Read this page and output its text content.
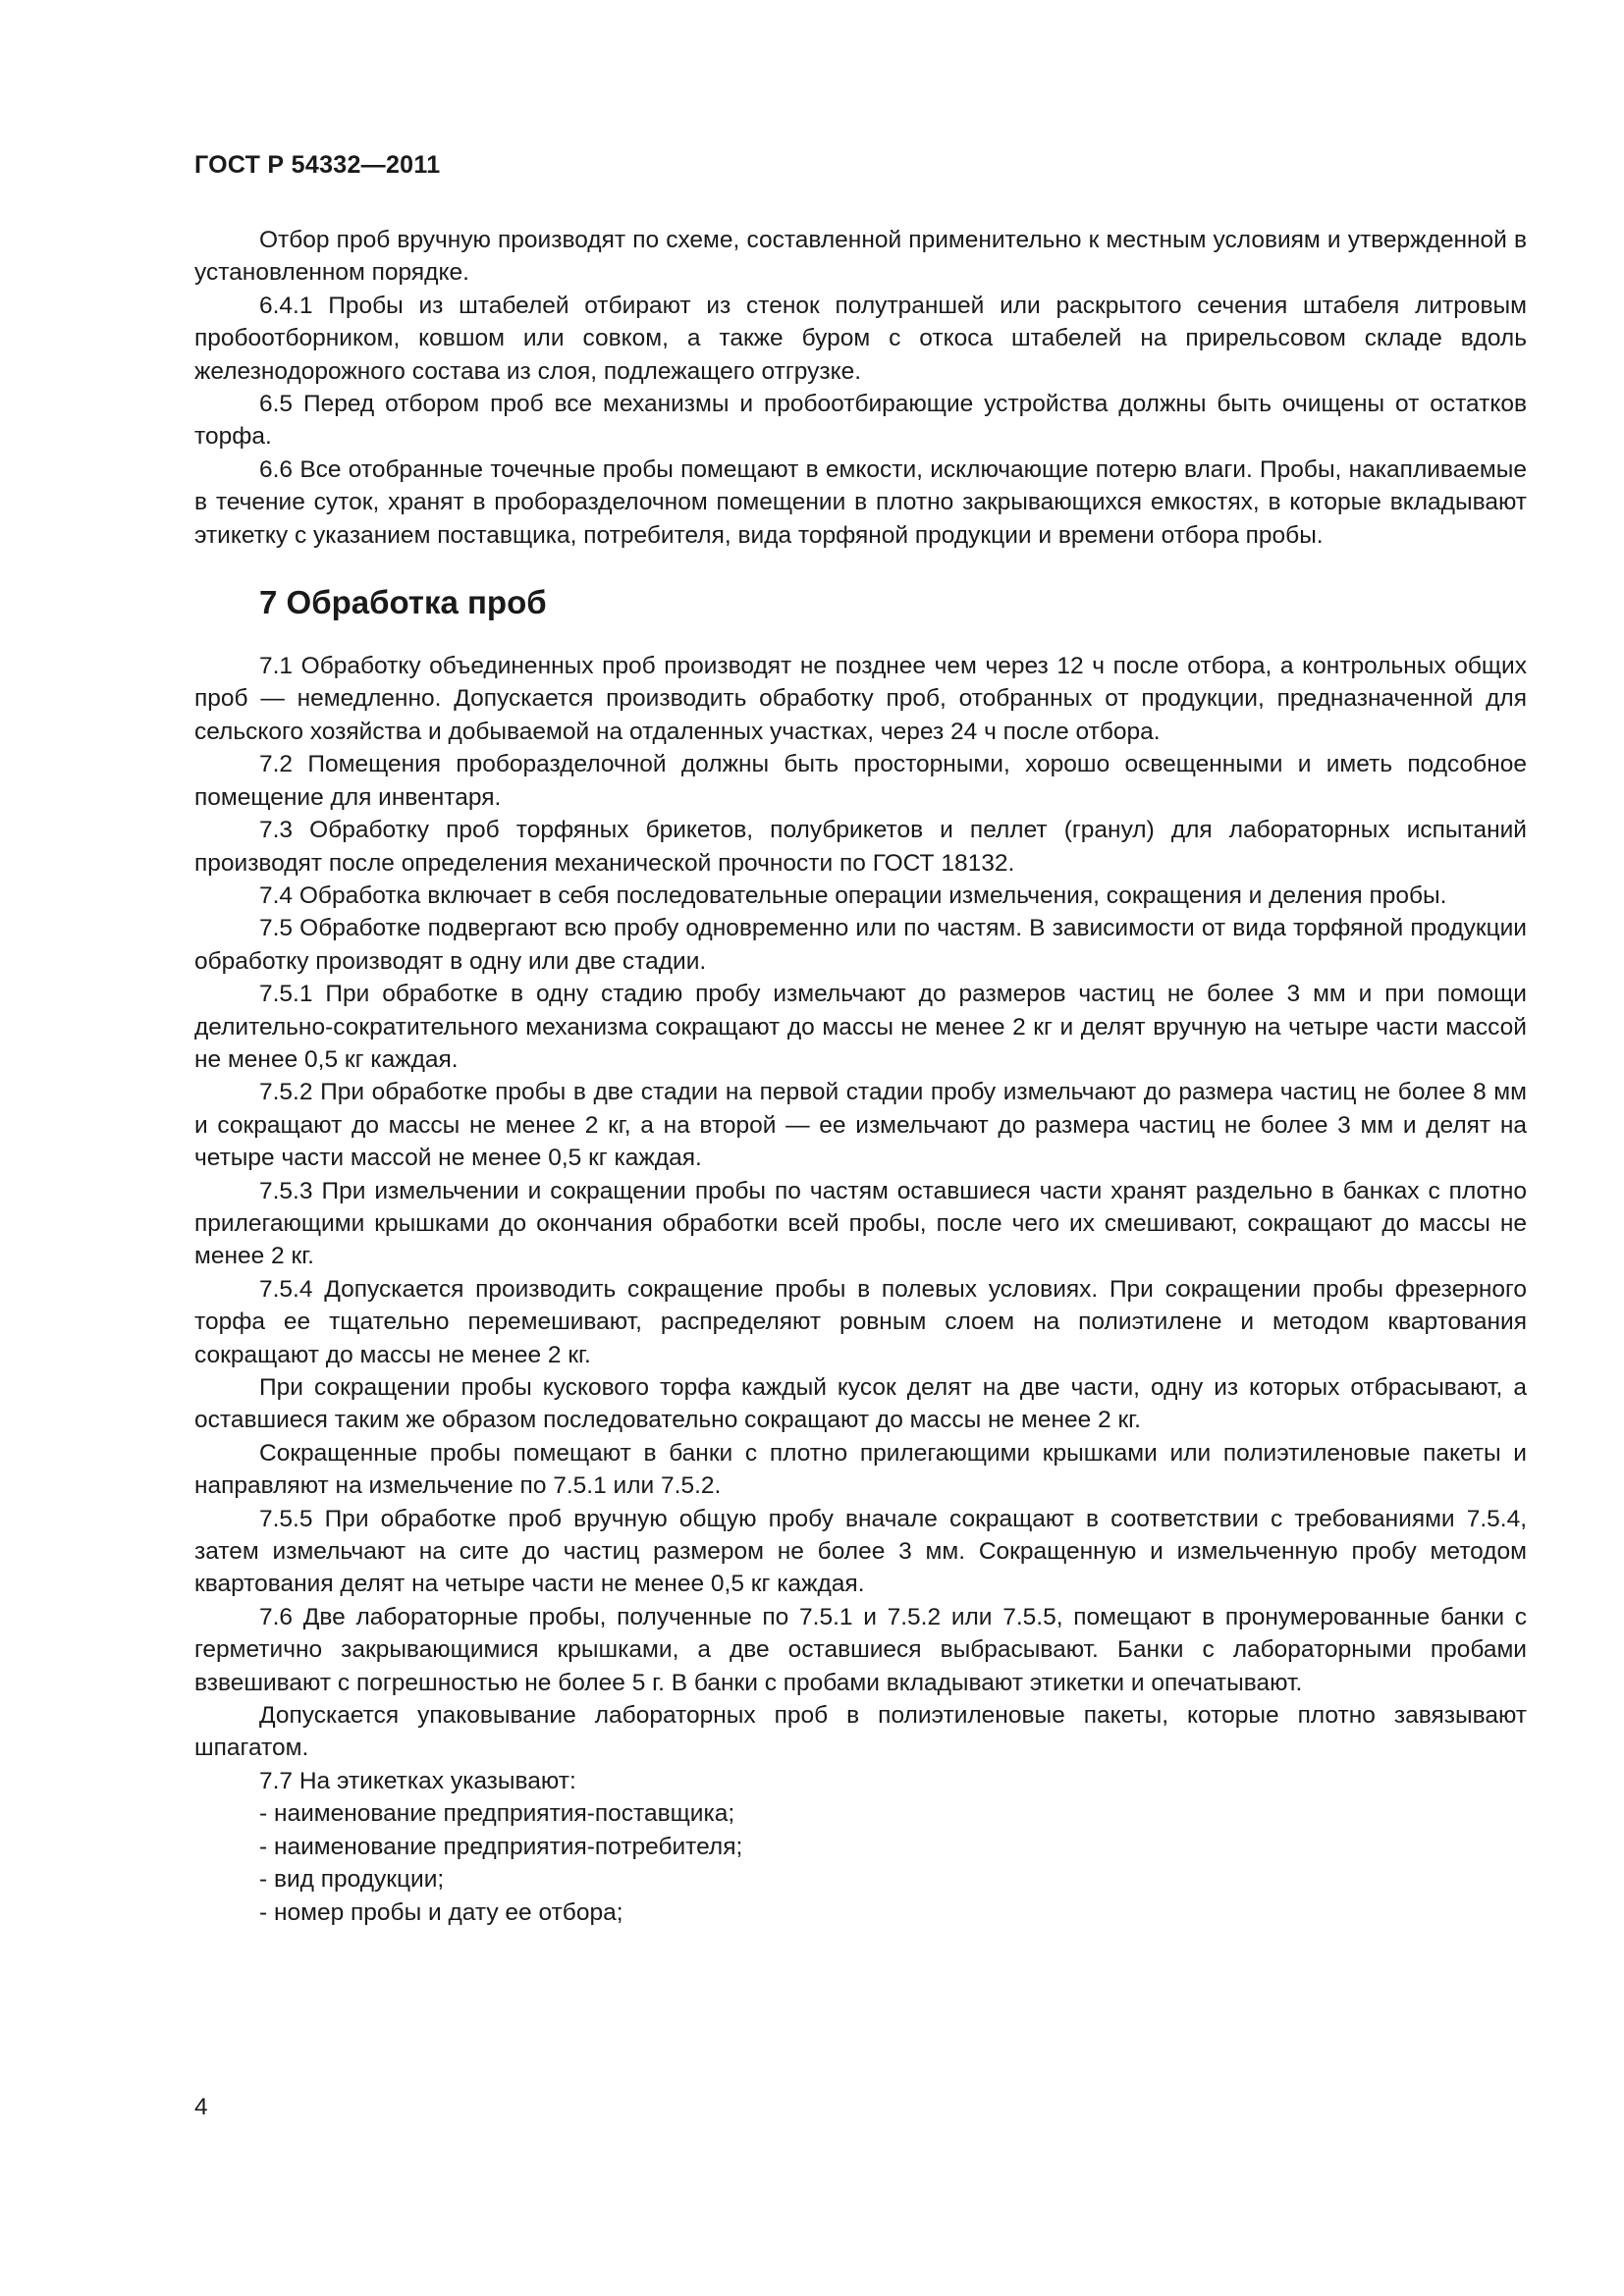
ГОСТ Р 54332—2011

Отбор проб вручную производят по схеме, составленной применительно к местным условиям и утвержденной в установленном порядке.

6.4.1 Пробы из штабелей отбирают из стенок полутраншей или раскрытого сечения штабеля литровым пробоотборником, ковшом или совком, а также буром с откоса штабелей на прирельсовом складе вдоль железнодорожного состава из слоя, подлежащего отгрузке.

6.5 Перед отбором проб все механизмы и пробоотбирающие устройства должны быть очищены от остатков торфа.

6.6 Все отобранные точечные пробы помещают в емкости, исключающие потерю влаги. Пробы, накапливаемые в течение суток, хранят в проборазделочном помещении в плотно закрывающихся емкостях, в которые вкладывают этикетку с указанием поставщика, потребителя, вида торфяной продукции и времени отбора пробы.

7 Обработка проб

7.1 Обработку объединенных проб производят не позднее чем через 12 ч после отбора, а контрольных общих проб — немедленно. Допускается производить обработку проб, отобранных от продукции, предназначенной для сельского хозяйства и добываемой на отдаленных участках, через 24 ч после отбора.

7.2 Помещения проборазделочной должны быть просторными, хорошо освещенными и иметь подсобное помещение для инвентаря.

7.3 Обработку проб торфяных брикетов, полубрикетов и пеллет (гранул) для лабораторных испытаний производят после определения механической прочности по ГОСТ 18132.

7.4 Обработка включает в себя последовательные операции измельчения, сокращения и деления пробы.

7.5 Обработке подвергают всю пробу одновременно или по частям. В зависимости от вида торфяной продукции обработку производят в одну или две стадии.

7.5.1 При обработке в одну стадию пробу измельчают до размеров частиц не более 3 мм и при помощи делительно-сократительного механизма сокращают до массы не менее 2 кг и делят вручную на четыре части массой не менее 0,5 кг каждая.

7.5.2 При обработке пробы в две стадии на первой стадии пробу измельчают до размера частиц не более 8 мм и сокращают до массы не менее 2 кг, а на второй — ее измельчают до размера частиц не более 3 мм и делят на четыре части массой не менее 0,5 кг каждая.

7.5.3 При измельчении и сокращении пробы по частям оставшиеся части хранят раздельно в банках с плотно прилегающими крышками до окончания обработки всей пробы, после чего их смешивают, сокращают до массы не менее 2 кг.

7.5.4 Допускается производить сокращение пробы в полевых условиях. При сокращении пробы фрезерного торфа ее тщательно перемешивают, распределяют ровным слоем на полиэтилене и методом квартования сокращают до массы не менее 2 кг.

При сокращении пробы кускового торфа каждый кусок делят на две части, одну из которых отбрасывают, а оставшиеся таким же образом последовательно сокращают до массы не менее 2 кг.

Сокращенные пробы помещают в банки с плотно прилегающими крышками или полиэтиленовые пакеты и направляют на измельчение по 7.5.1 или 7.5.2.

7.5.5 При обработке проб вручную общую пробу вначале сокращают в соответствии с требованиями 7.5.4, затем измельчают на сите до частиц размером не более 3 мм. Сокращенную и измельченную пробу методом квартования делят на четыре части не менее 0,5 кг каждая.

7.6 Две лабораторные пробы, полученные по 7.5.1 и 7.5.2 или 7.5.5, помещают в пронумерованные банки с герметично закрывающимися крышками, а две оставшиеся выбрасывают. Банки с лабораторными пробами взвешивают с погрешностью не более 5 г. В банки с пробами вкладывают этикетки и опечатывают.

Допускается упаковывание лабораторных проб в полиэтиленовые пакеты, которые плотно завязывают шпагатом.

7.7 На этикетках указывают:

- наименование предприятия-поставщика;

- наименование предприятия-потребителя;

- вид продукции;

- номер пробы и дату ее отбора;

4
